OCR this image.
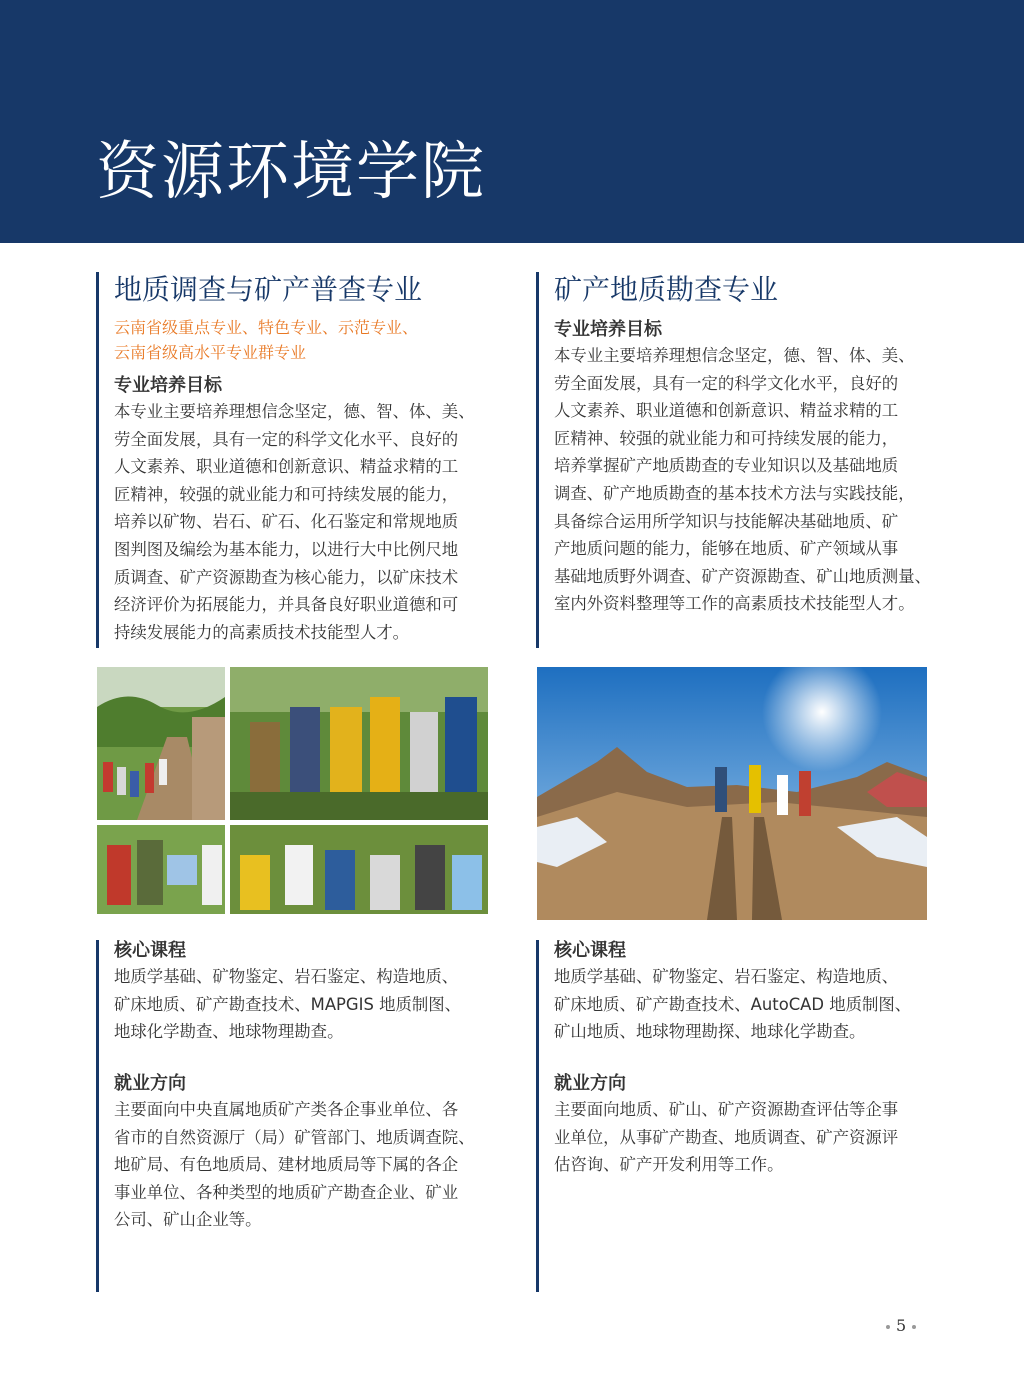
资源环境学院
地质调查与矿产普查专业
云南省级重点专业、特色专业、示范专业、
云南省级高水平专业群专业
专业培养目标
本专业主要培养理想信念坚定，德、智、体、美、
劳全面发展，具有一定的科学文化水平、良好的
人文素养、职业道德和创新意识、精益求精的工
匠精神，较强的就业能力和可持续发展的能力，
培养以矿物、岩石、矿石、化石鉴定和常规地质
图判图及编绘为基本能力，以进行大中比例尺地
质调查、矿产资源勘查为核心能力，以矿床技术
经济评价为拓展能力，并具备良好职业道德和可
持续发展能力的高素质技术技能型人才。
矿产地质勘查专业
专业培养目标
本专业主要培养理想信念坚定，德、智、体、美、
劳全面发展，具有一定的科学文化水平，良好的
人文素养、职业道德和创新意识、精益求精的工
匠精神、较强的就业能力和可持续发展的能力，
培养掌握矿产地质勘查的专业知识以及基础地质
调查、矿产地质勘查的基本技术方法与实践技能，
具备综合运用所学知识与技能解决基础地质、矿
产地质问题的能力，能够在地质、矿产领域从事
基础地质野外调查、矿产资源勘查、矿山地质测量、
室内外资料整理等工作的高素质技术技能型人才。
核心课程
地质学基础、矿物鉴定、岩石鉴定、构造地质、
矿床地质、矿产勘查技术、MAPGIS 地质制图、
地球化学勘查、地球物理勘查。
就业方向
主要面向中央直属地质矿产类各企事业单位、各
省市的自然资源厅（局）矿管部门、地质调查院、
地矿局、有色地质局、建材地质局等下属的各企
事业单位、各种类型的地质矿产勘查企业、矿业
公司、矿山企业等。
核心课程
地质学基础、矿物鉴定、岩石鉴定、构造地质、
矿床地质、矿产勘查技术、AutoCAD 地质制图、
矿山地质、地球物理勘探、地球化学勘查。
就业方向
主要面向地质、矿山、矿产资源勘查评估等企事
业单位，从事矿产勘查、地质调查、矿产资源评
估咨询、矿产开发利用等工作。
5
